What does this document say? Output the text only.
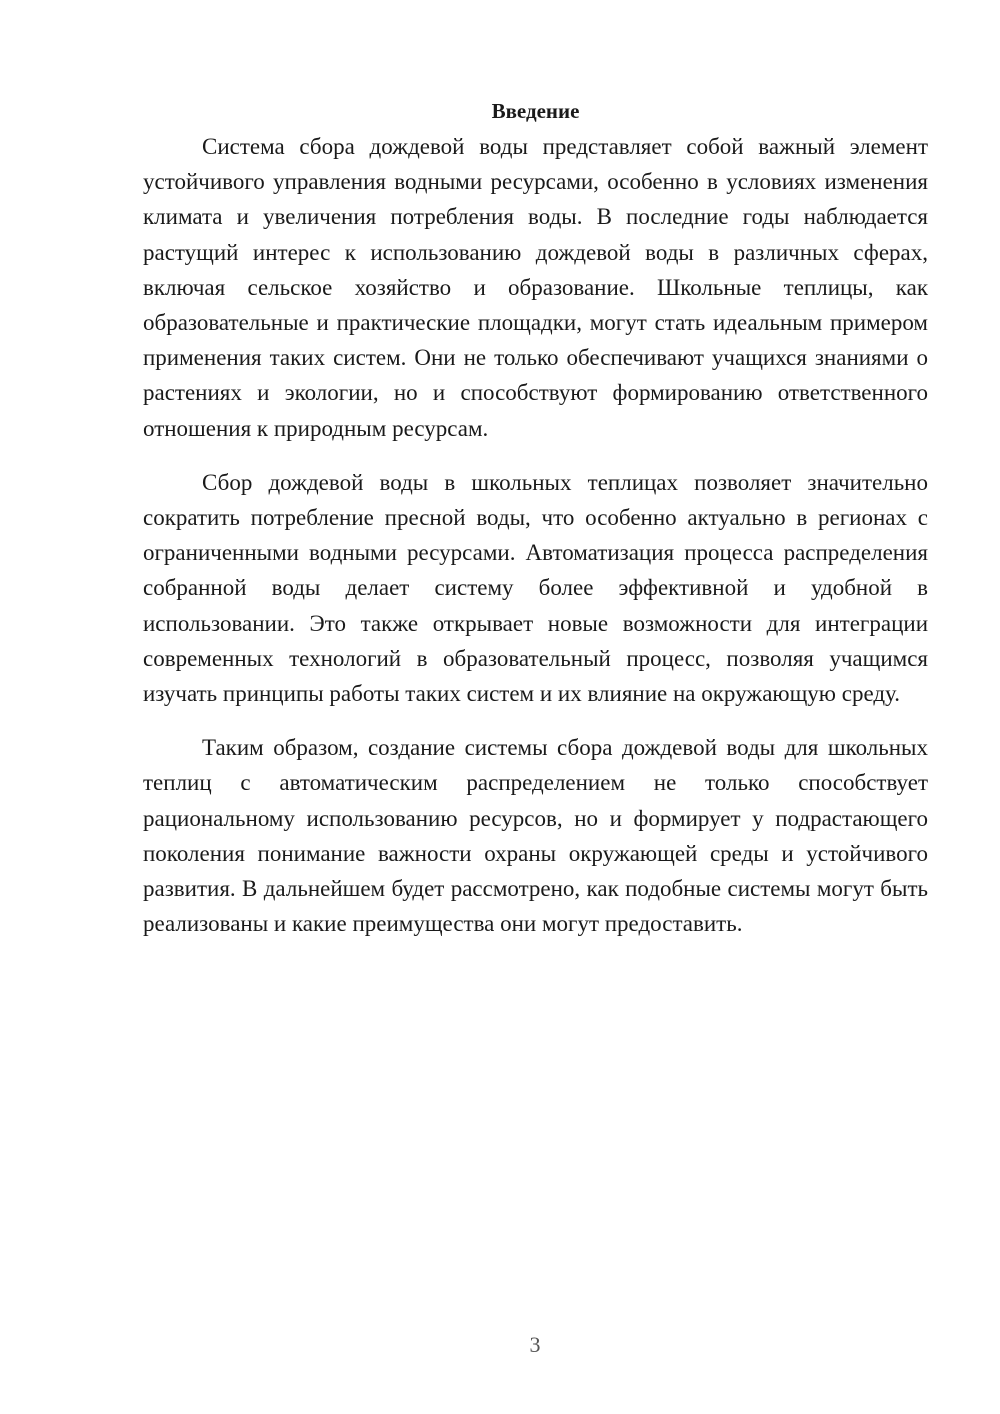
Введение

Система сбора дождевой воды представляет собой важный элемент устойчивого управления водными ресурсами, особенно в условиях изменения климата и увеличения потребления воды. В последние годы наблюдается растущий интерес к использованию дождевой воды в различных сферах, включая сельское хозяйство и образование. Школьные теплицы, как образовательные и практические площадки, могут стать идеальным примером применения таких систем. Они не только обеспечивают учащихся знаниями о растениях и экологии, но и способствуют формированию ответственного отношения к природным ресурсам.

Сбор дождевой воды в школьных теплицах позволяет значительно сократить потребление пресной воды, что особенно актуально в регионах с ограниченными водными ресурсами. Автоматизация процесса распределения собранной воды делает систему более эффективной и удобной в использовании. Это также открывает новые возможности для интеграции современных технологий в образовательный процесс, позволяя учащимся изучать принципы работы таких систем и их влияние на окружающую среду.

Таким образом, создание системы сбора дождевой воды для школьных теплиц с автоматическим распределением не только способствует рациональному использованию ресурсов, но и формирует у подрастающего поколения понимание важности охраны окружающей среды и устойчивого развития. В дальнейшем будет рассмотрено, как подобные системы могут быть реализованы и какие преимущества они могут предоставить.

3
